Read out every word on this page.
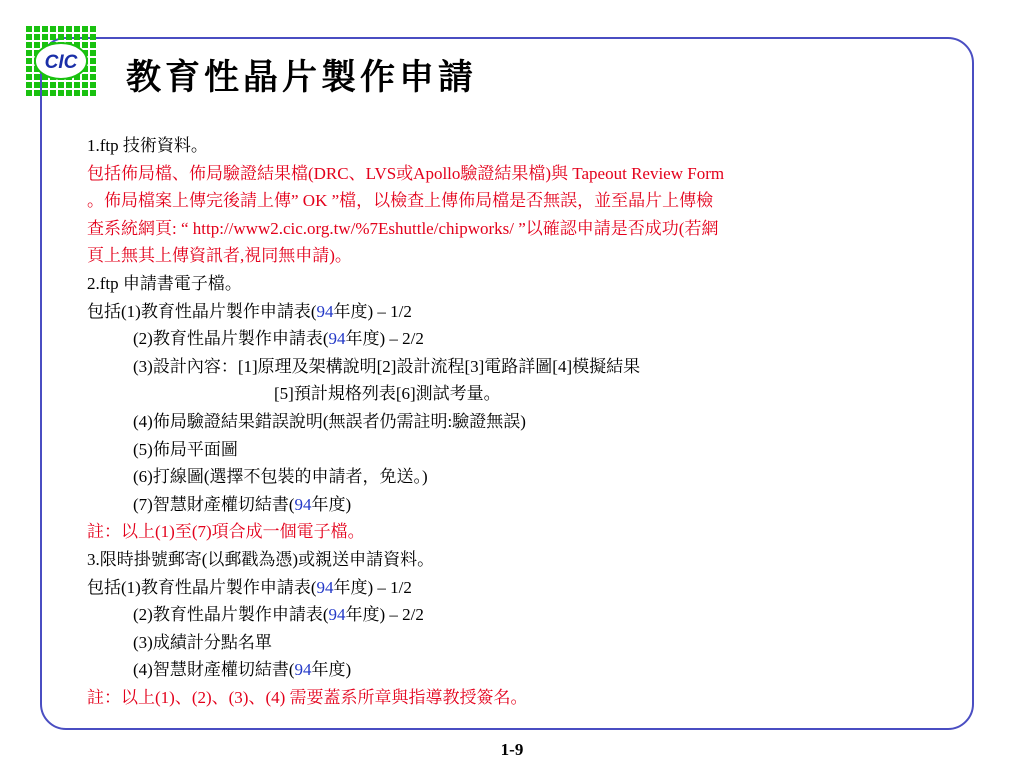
CIC 教育性晶片製作申請
1.ftp 技術資料。
包括佈局檔、佈局驗證結果檔(DRC、LVS或Apollo驗證結果檔)與 Tapeout Review Form
。佈局檔案上傳完後請上傳” OK ”檔，以檢查上傳佈局檔是否無誤，並至晶片上傳檢
查系統網頁: “ http://www2.cic.org.tw/%7Eshuttle/chipworks/ ”以確認申請是否成功(若網
頁上無其上傳資訊者,視同無申請)。
2.ftp 申請書電子檔。
包括(1)教育性晶片製作申請表(94年度) – 1/2
(2)教育性晶片製作申請表(94年度) – 2/2
(3)設計內容：[1]原理及架構說明[2]設計流程[3]電路詳圖[4]模擬結果
[5]預計規格列表[6]測試考量。
(4)佈局驗證結果錯誤說明(無誤者仍需註明:驗證無誤)
(5)佈局平面圖
(6)打線圖(選擇不包裝的申請者，免送。)
(7)智慧財產權切結書(94年度)
註：以上(1)至(7)項合成一個電子檔。
3.限時掛號郵寄(以郵戳為憑)或親送申請資料。
包括(1)教育性晶片製作申請表(94年度) – 1/2
(2)教育性晶片製作申請表(94年度) – 2/2
(3)成績計分點名單
(4)智慧財產權切結書(94年度)
註：以上(1)、(2)、(3)、(4) 需要蓋系所章與指導教授簽名。
1-9
